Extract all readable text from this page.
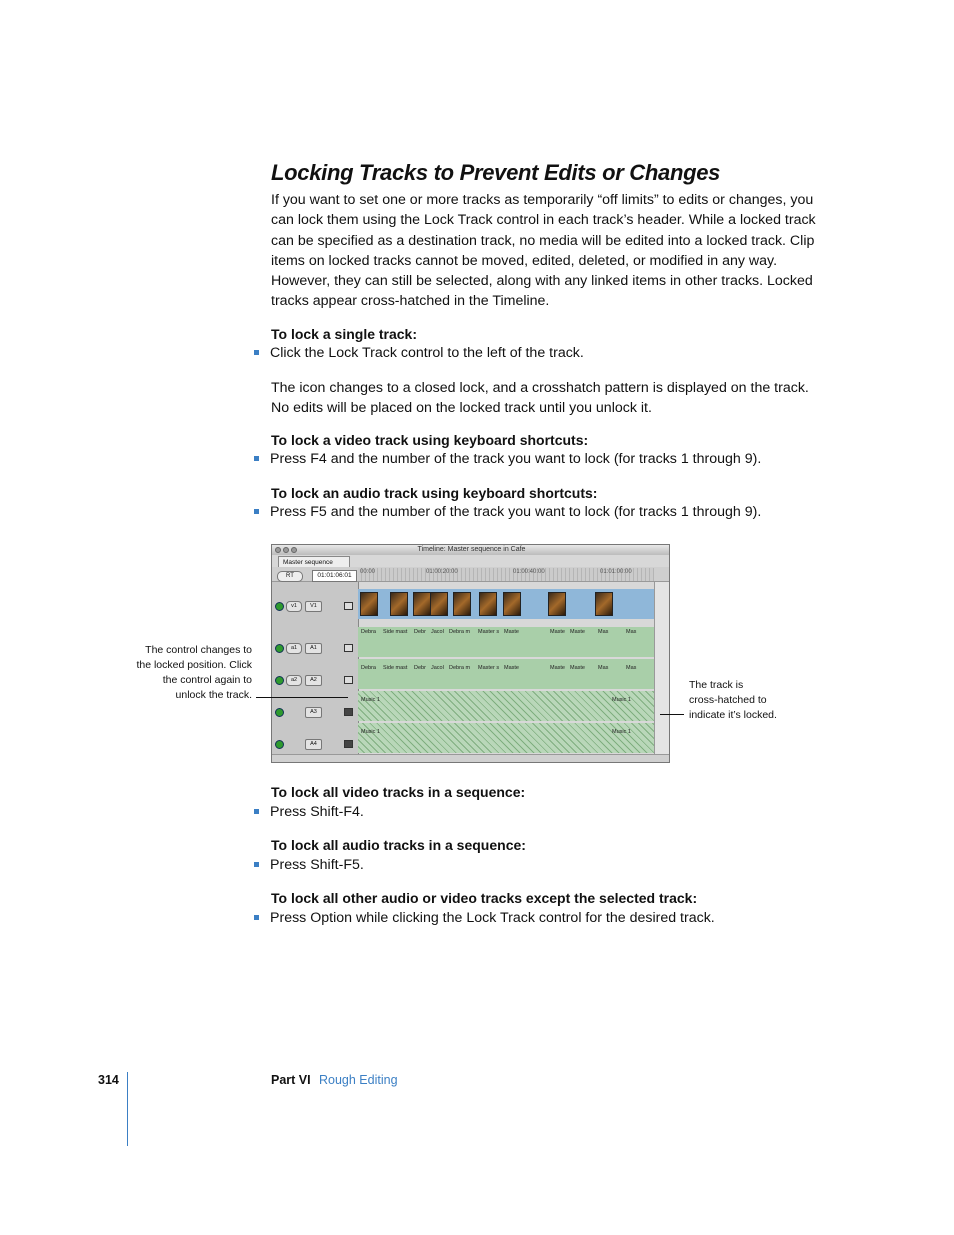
Locking Tracks to Prevent Edits or Changes
If you want to set one or more tracks as temporarily “off limits” to edits or changes, you can lock them using the Lock Track control in each track’s header. While a locked track can be specified as a destination track, no media will be edited into a locked track. Clip items on locked tracks cannot be moved, edited, deleted, or modified in any way. However, they can still be selected, along with any linked items in other tracks. Locked tracks appear cross-hatched in the Timeline.
To lock a single track:
Click the Lock Track control to the left of the track.
The icon changes to a closed lock, and a crosshatch pattern is displayed on the track. No edits will be placed on the locked track until you unlock it.
To lock a video track using keyboard shortcuts:
Press F4 and the number of the track you want to lock (for tracks 1 through 9).
To lock an audio track using keyboard shortcuts:
Press F5 and the number of the track you want to lock (for tracks 1 through 9).
Timeline: Master sequence in Cafe
Master sequence
RT	01:01:06:01	00:00	01:00:20:00	01:00:40:00	01:01:00:00
v1	V1
a1	A1
a2	A2
A3
A4
Debra Side mast Debr Jacol Debra m Master s Maste	Maste Maste Mas	Mas
Debra Side mast Debr Jacol Debra m Master s Maste	Maste Maste Mas	Mas
Music 1	Music 1
Music 1	Music 1
The control changes to
the locked position. Click
the control again to
unlock the track.
The track is
cross-hatched to
indicate it’s locked.
To lock all video tracks in a sequence:
Press Shift-F4.
To lock all audio tracks in a sequence:
Press Shift-F5.
To lock all other audio or video tracks except the selected track:
Press Option while clicking the Lock Track control for the desired track.
314	Part VI Rough Editing
